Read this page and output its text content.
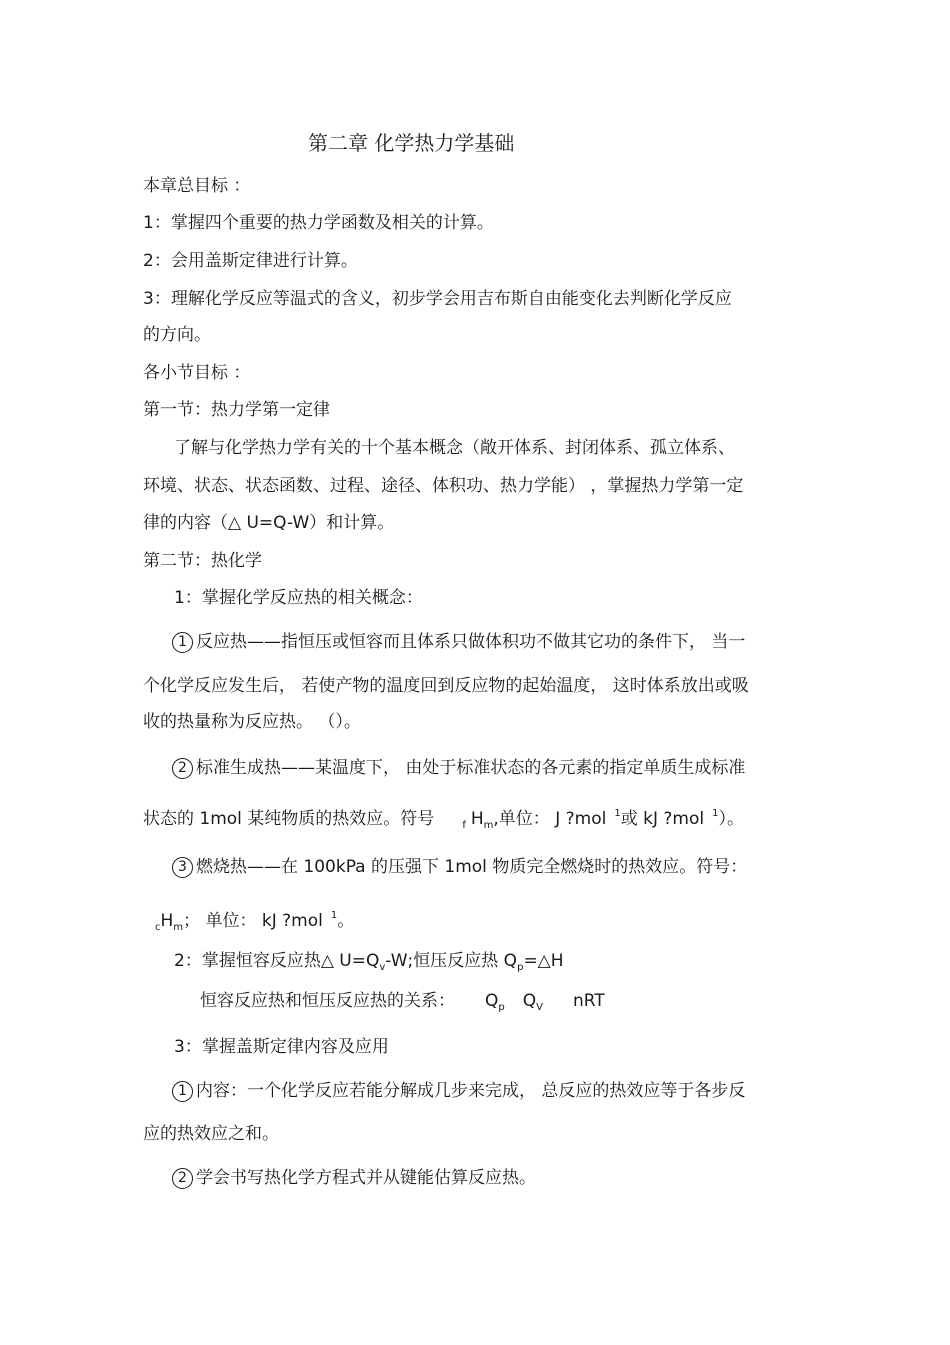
第二章 化学热力学基础
本章总目标 ：
1：掌握四个重要的热力学函数及相关的计算。
2：会用盖斯定律进行计算。
3：理解化学反应等温式的含义，初步学会用吉布斯自由能变化去判断化学反应
的方向。
各小节目标 ：
第一节：热力学第一定律
了解与化学热力学有关的十个基本概念（敞开体系、封闭体系、孤立体系、
环境、状态、状态函数、过程、途径、体积功、热力学能） ，掌握热力学第一定
律的内容（△ U=Q-W）和计算。
第二节：热化学
1：掌握化学反应热的相关概念：
1 反应热——指恒压或恒容而且体系只做体积功不做其它功的条件下， 当一
个化学反应发生后， 若使产物的温度回到反应物的起始温度， 这时体系放出或吸
收的热量称为反应热。 （）。
2 标准生成热——某温度下， 由处于标准状态的各元素的指定单质生成标准
状态的 1mol 某纯物质的热效应。符号	$_f$ $H_m$,单位： J ?mol $^1$或 kJ ?mol $^1$）。
3 燃烧热——在 100kPa 的压强下 1mol 物质完全燃烧时的热效应。符号：
$_cH_m$； 单位： kJ ?mol $^1$。
2：掌握恒容反应热△ $U=Q_v-W$;恒压反应热 $Q_p=\triangle H$
恒容反应热和恒压反应热的关系： $Q_p$ $Q_V$ nRT
3：掌握盖斯定律内容及应用
1 内容：一个化学反应若能分解成几步来完成， 总反应的热效应等于各步反
应的热效应之和。
2 学会书写热化学方程式并从键能估算反应热。
